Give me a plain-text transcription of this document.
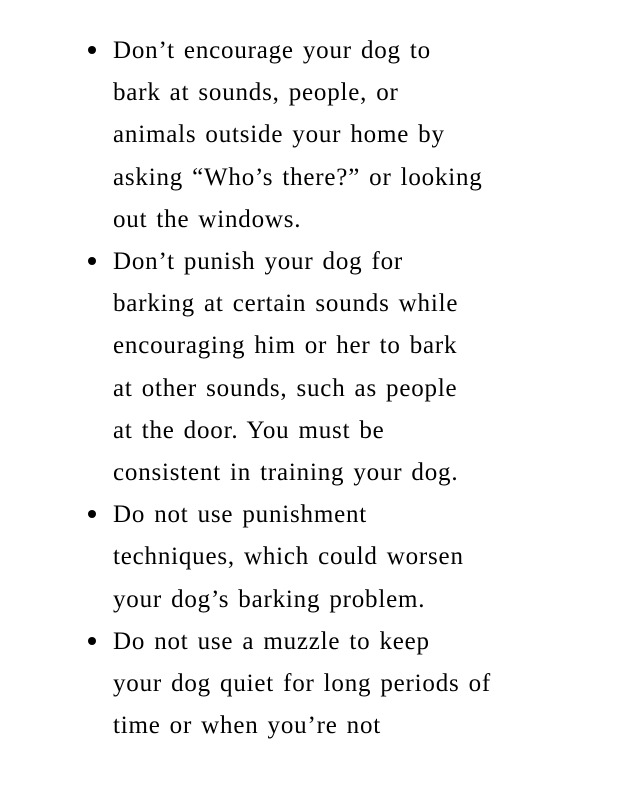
Don’t encourage your dog to
bark at sounds, people, or
animals outside your home by
asking “Who’s there?” or looking
out the windows.
Don’t punish your dog for
barking at certain sounds while
encouraging him or her to bark
at other sounds, such as people
at the door. You must be
consistent in training your dog.
Do not use punishment
techniques, which could worsen
your dog’s barking problem.
Do not use a muzzle to keep
your dog quiet for long periods of
time or when you’re not
